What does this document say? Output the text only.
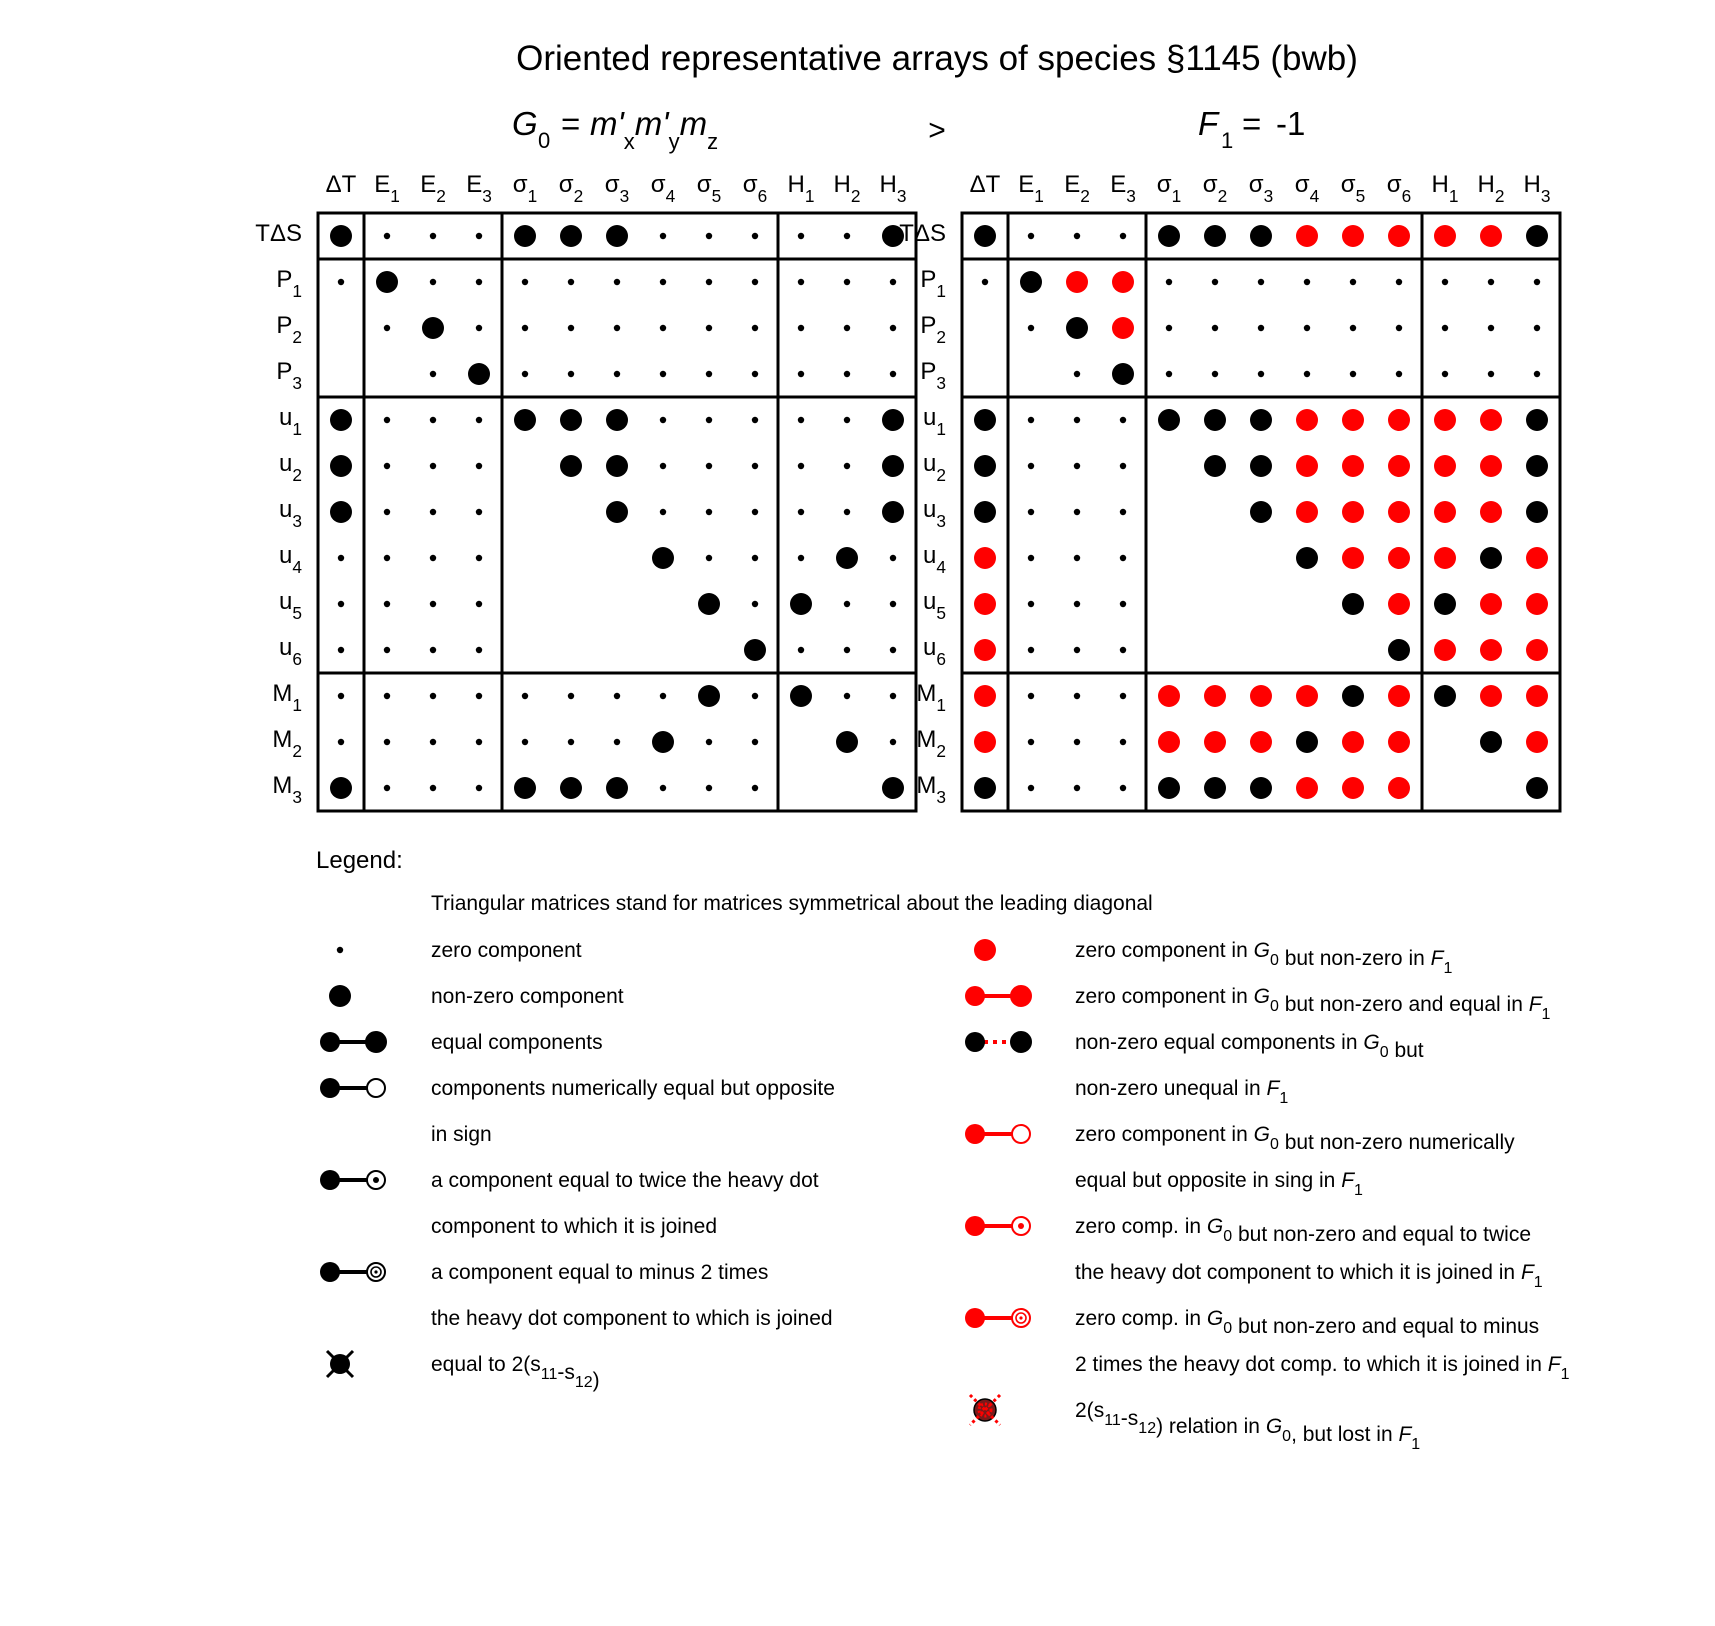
Oriented representative arrays of species §1145 (bwb)
G $0 = m'_xm'_ym_z$	>	F 1 = -1
ΔT $E_1$ $E_2$ $E_3$ $\sigma_1$ $\sigma_2$ $\sigma_3$ $\sigma_4$ $\sigma_5$ $\sigma_6$ $H_1$ $H_2$ $H_3$
TΔS
$P_1$
$P_2$
$P_3$
$u_1$
$u_2$
$u_3$
$u_4$
$u_5$
$u_6$
$M_1$
$M_2$
$M_3$
ΔT $E_1$ $E_2$ $E_3$ $\sigma_1$ $\sigma_2$ $\sigma_3$ $\sigma_4$ $\sigma_5$ $\sigma_6$ $H_1$ $H_2$ $H_3$
TΔS
$P_1$
$P_2$
$P_3$
$u_1$
$u_2$
$u_3$
$u_4$
$u_5$
$u_6$
$M_1$
$M_2$
$M_3$
Legend:
Triangular matrices stand for matrices symmetrical about the leading diagonal
zero component
non-zero component
equal components
components numerically equal but opposite
in sign
a component equal to twice the heavy dot
component to which it is joined
a component equal to minus 2 times
the heavy dot component to which is joined
equal to $2(s_{11}-s_{12})$
zero component in $G_0$ but non-zero in $F_1$
zero component in $G_0$ but non-zero and equal in $F_1$
non-zero equal components in $G_0$ but
non-zero unequal in $F_1$
zero component in $G_0$ but non-zero numerically
equal but opposite in sing in $F_1$
zero comp. in $G_0$ but non-zero and equal to twice
the heavy dot component to which it is joined in $F_1$
zero comp. in $G_0$ but non-zero and equal to minus
2 times the heavy dot comp. to which it is joined in $F_1$
$2(s_{11}-s_{12})$ relation in $G_0$, but lost in $F_1$
